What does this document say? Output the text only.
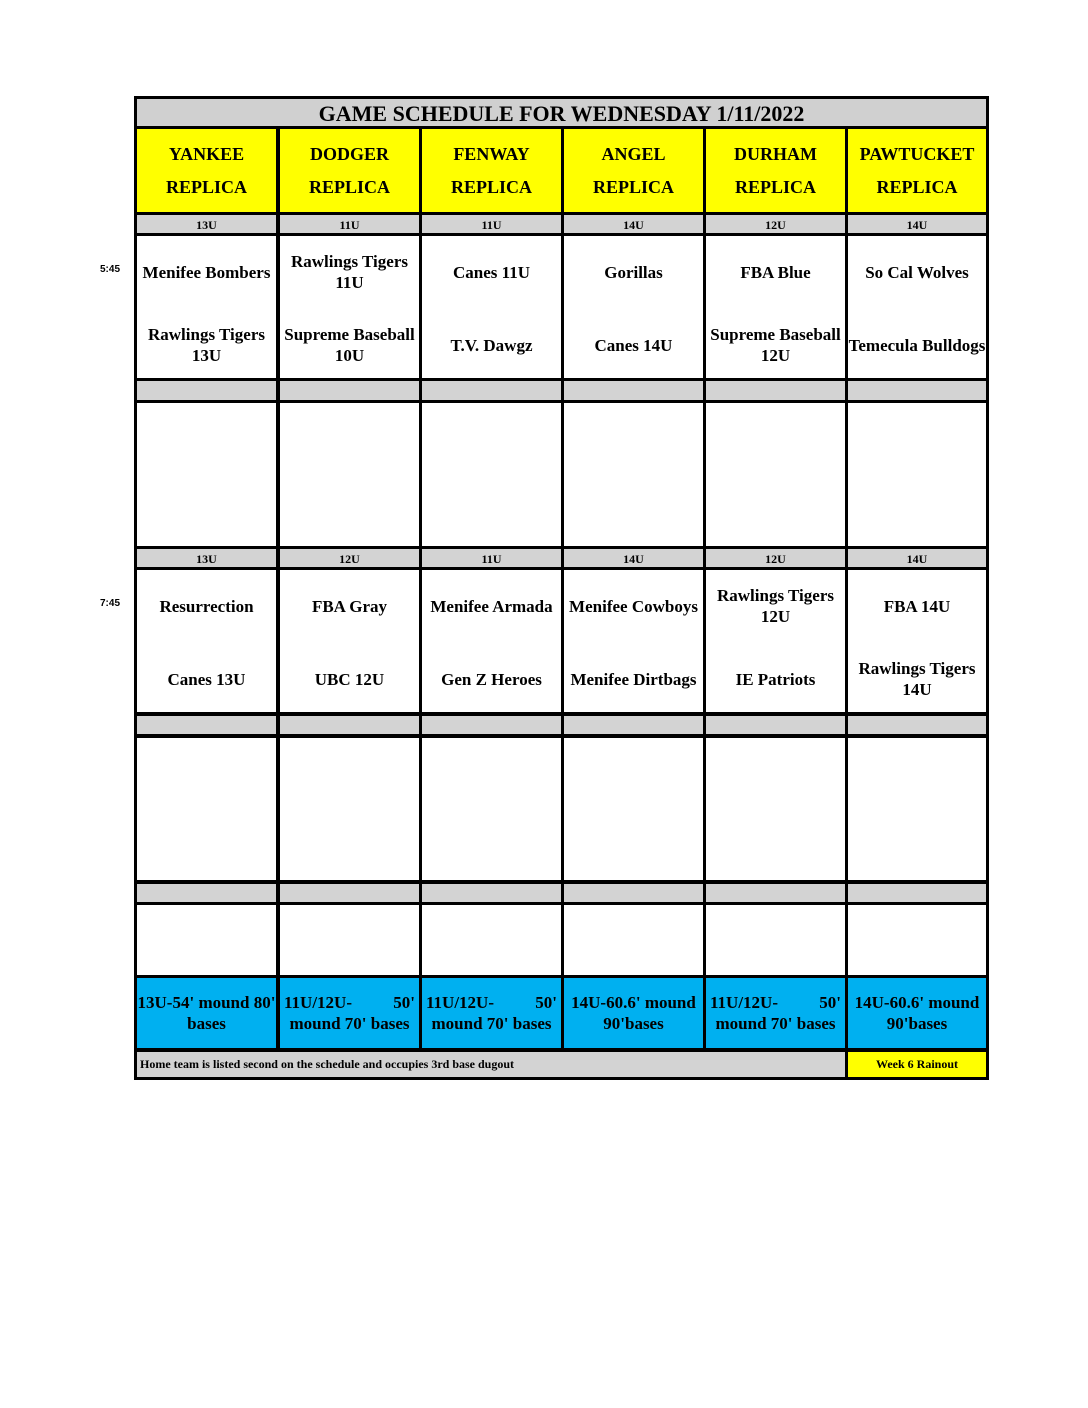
5:45
7:45
GAME SCHEDULE FOR WEDNESDAY 1/11/2022
YANKEE
REPLICA
13U
Menifee Bombers
Rawlings Tigers 13U
13U
Resurrection
Canes 13U
13U-54' mound 80' bases
DODGER
REPLICA
11U
Rawlings Tigers 11U
Supreme Baseball 10U
12U
FBA Gray
UBC 12U
11U/12U- 50' mound 70' bases
FENWAY
REPLICA
11U
Canes 11U
T.V. Dawgz
11U
Menifee Armada
Gen Z Heroes
11U/12U- 50' mound 70' bases
ANGEL
REPLICA
14U
Gorillas
Canes 14U
14U
Menifee Cowboys
Menifee Dirtbags
14U-60.6' mound 90'bases
DURHAM
REPLICA
12U
FBA Blue
Supreme Baseball 12U
12U
Rawlings Tigers 12U
IE Patriots
11U/12U- 50' mound 70' bases
PAWTUCKET
REPLICA
14U
So Cal Wolves
Temecula Bulldogs
14U
FBA 14U
Rawlings Tigers 14U
14U-60.6' mound 90'bases
Home team is listed second on the schedule and occupies 3rd base dugout	Week 6 Rainout
